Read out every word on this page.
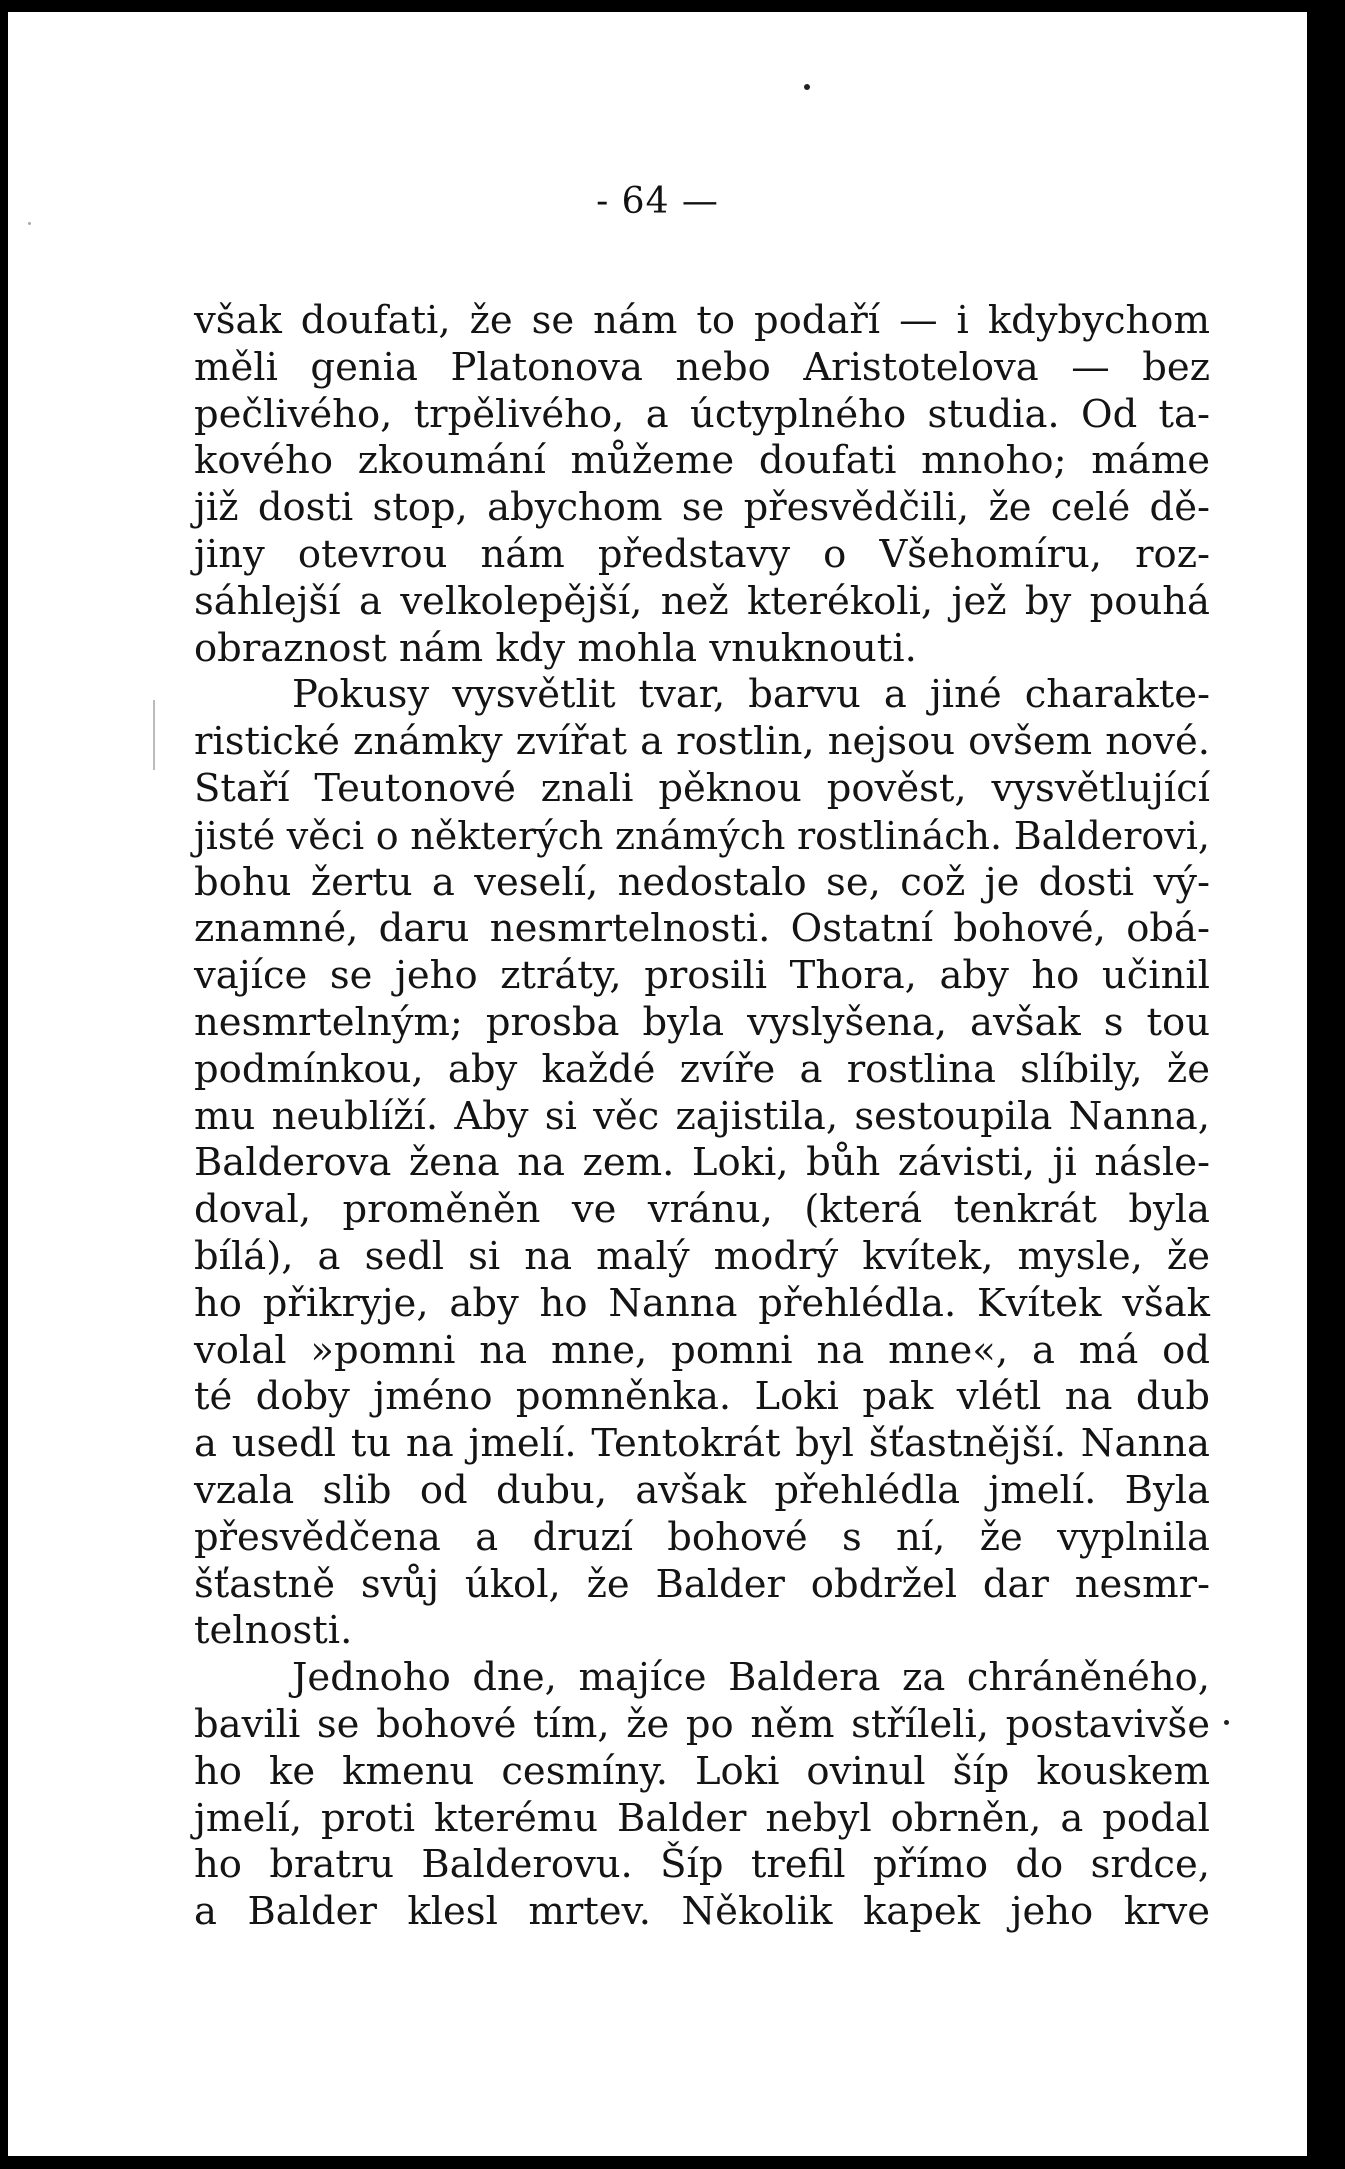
- 64 —
však doufati, že se nám to podaří — i kdybychom
měli genia Platonova nebo Aristotelova — bez
pečlivého, trpělivého, a úctyplného studia. Od ta-
kového zkoumání můžeme doufati mnoho; máme
již dosti stop, abychom se přesvědčili, že celé dě-
jiny otevrou nám představy o Všehomíru, roz-
sáhlejší a velkolepější, než kterékoli, jež by pouhá
obraznost nám kdy mohla vnuknouti.
Pokusy vysvětlit tvar, barvu a jiné charakte-
ristické známky zvířat a rostlin, nejsou ovšem nové.
Staří Teutonové znali pěknou pověst, vysvětlující
jisté věci o některých známých rostlinách. Balderovi,
bohu žertu a veselí, nedostalo se, což je dosti vý-
znamné, daru nesmrtelnosti. Ostatní bohové, obá-
vajíce se jeho ztráty, prosili Thora, aby ho učinil
nesmrtelným; prosba byla vyslyšena, avšak s tou
podmínkou, aby každé zvíře a rostlina slíbily, že
mu neublíží. Aby si věc zajistila, sestoupila Nanna,
Balderova žena na zem. Loki, bůh závisti, ji násle-
doval, proměněn ve vránu, (která tenkrát byla
bílá), a sedl si na malý modrý kvítek, mysle, že
ho přikryje, aby ho Nanna přehlédla. Kvítek však
volal »pomni na mne, pomni na mne«, a má od
té doby jméno pomněnka. Loki pak vlétl na dub
a usedl tu na jmelí. Tentokrát byl šťastnější. Nanna
vzala slib od dubu, avšak přehlédla jmelí. Byla
přesvědčena a druzí bohové s ní, že vyplnila
šťastně svůj úkol, že Balder obdržel dar nesmr-
telnosti.
Jednoho dne, majíce Baldera za chráněného,
bavili se bohové tím, že po něm stříleli, postavivše
ho ke kmenu cesmíny. Loki ovinul šíp kouskem
jmelí, proti kterému Balder nebyl obrněn, a podal
ho bratru Balderovu. Šíp trefil přímo do srdce,
a Balder klesl mrtev. Několik kapek jeho krve
